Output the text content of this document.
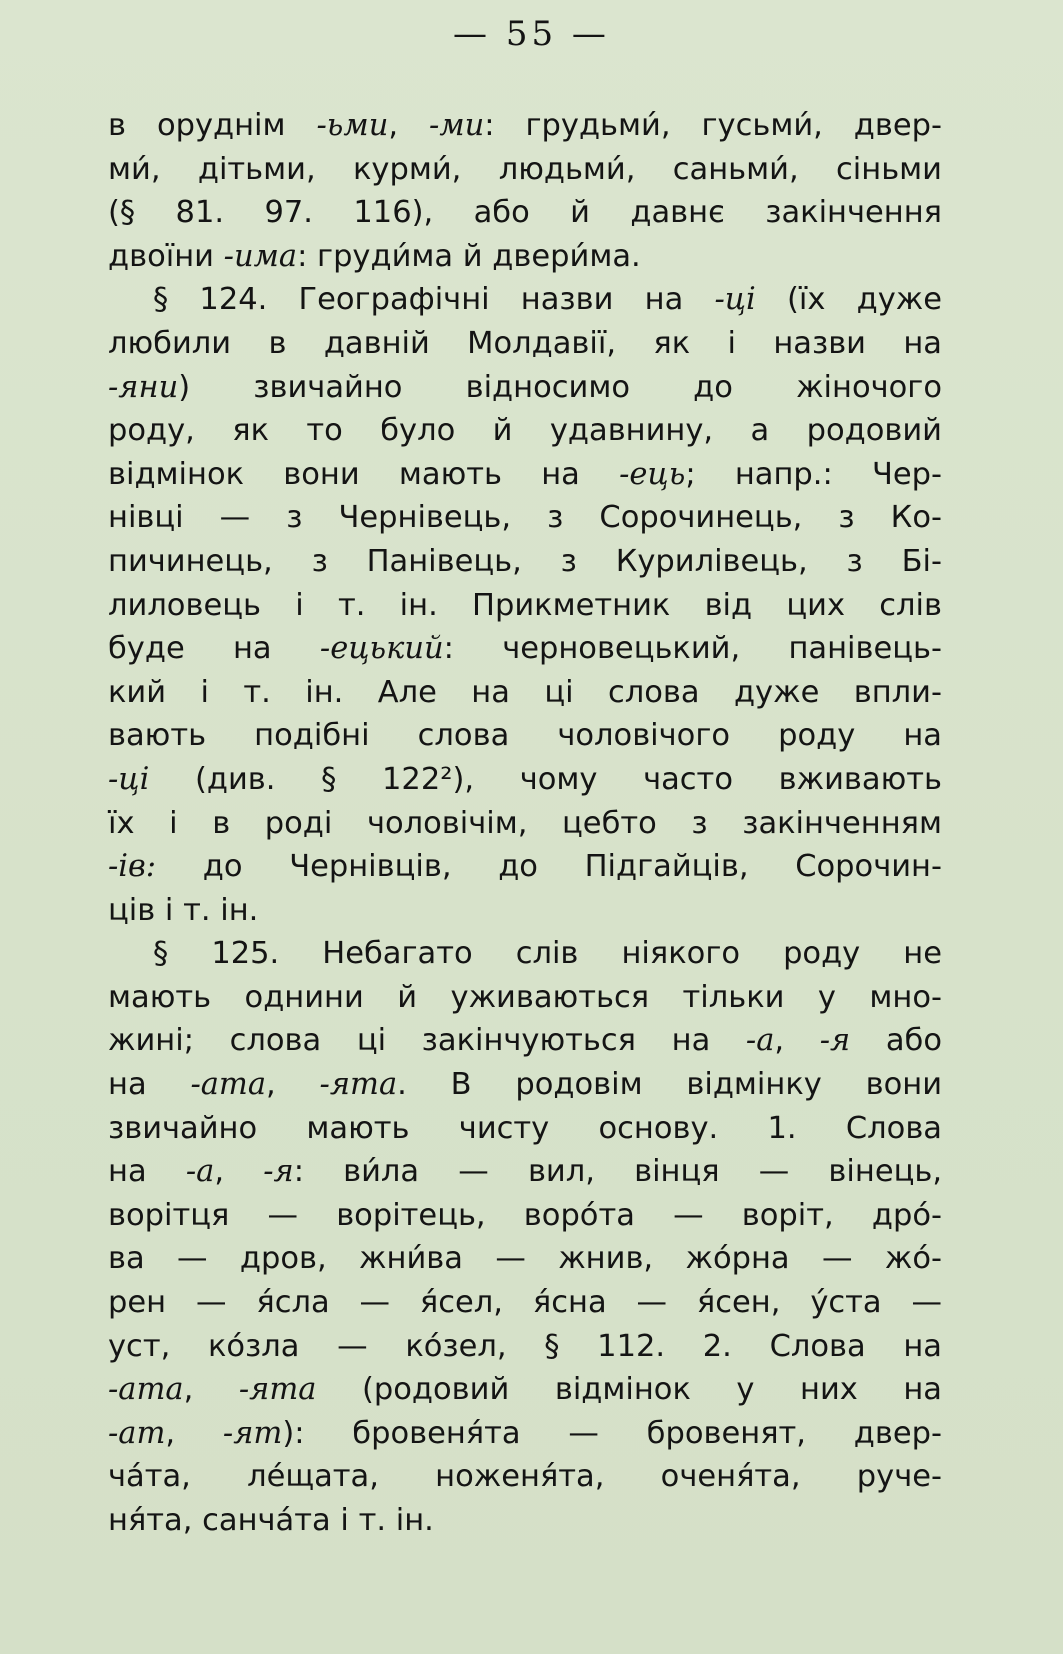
— 55 —
в оруднім -ьми, -ми: грудьми́, гусьми́, двер-
ми́, дітьми, курми́, людьми́, саньми́, сіньми
(§ 81. 97. 116), або й давнє закінчення
двоїни -има: груди́ма й двери́ма.
§ 124. Географічні назви на -ці (їх дуже
любили в давній Молдавії, як і назви на
-яни) звичайно відносимо до жіночого
роду, як то було й удавнину, а родовий
відмінок вони мають на -ець; напр.: Чер-
нівці — з Чернівець, з Сорочинець, з Ко-
пичинець, з Панівець, з Курилівець, з Бі-
лиловець і т. ін. Прикметник від цих слів
буде на -ецький: черновецький, панівець-
кий і т. ін. Але на ці слова дуже впли-
вають подібні слова чоловічого роду на
-ці (див. § 122²), чому часто вживають
їх і в роді чоловічім, цебто з закінченням
-ів: до Чернівців, до Підгайців, Сорочин-
ців і т. ін.
§ 125. Небагато слів ніякого роду не
мають однини й уживаються тільки у мно-
жині; слова ці закінчуються на -а, -я або
на -ата, -ята. В родовім відмінку вони
звичайно мають чисту основу. 1. Слова
на -а, -я: ви́ла — вил, вінця — вінець,
ворітця — ворітець, воро́та — воріт, дро́-
ва — дров, жни́ва — жнив, жо́рна — жо́-
рен — я́сла — я́сел, я́сна — я́сен, у́ста —
уст, ко́зла — ко́зел, § 112. 2. Слова на
-ата, -ята (родовий відмінок у них на
-ат, -ят): бровеня́та — бровенят, двер-
ча́та, ле́щата, ноженя́та, оченя́та, руче-
ня́та, санча́та і т. ін.
